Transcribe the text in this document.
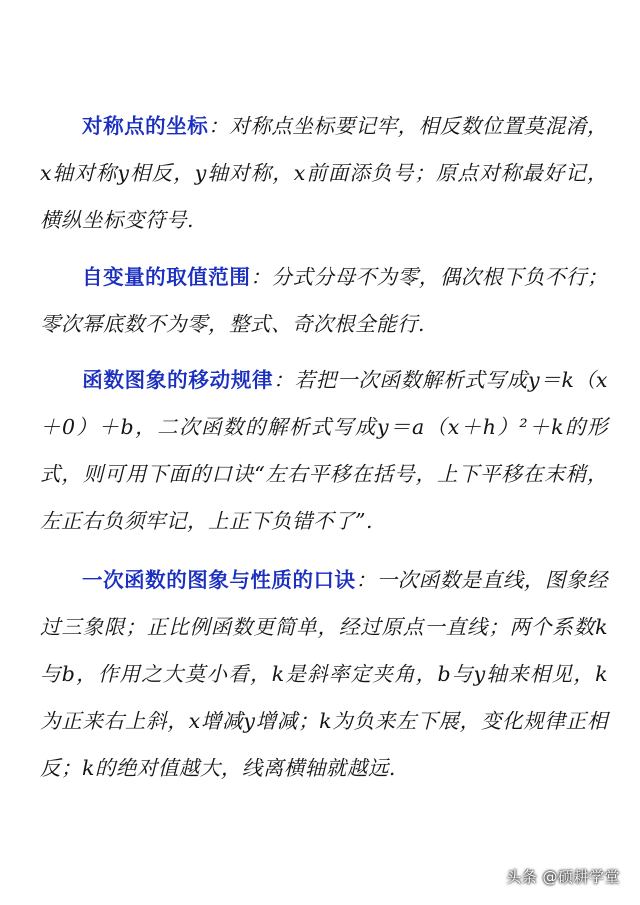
对称点的坐标：对称点坐标要记牢，相反数位置莫混淆，x轴对称y相反，y轴对称，x前面添负号；原点对称最好记，横纵坐标变符号.
自变量的取值范围：分式分母不为零，偶次根下负不行；零次幂底数不为零，整式、奇次根全能行.
函数图象的移动规律：若把一次函数解析式写成y＝k（x＋0）＋b，二次函数的解析式写成y＝a（x＋h）²＋k的形式，则可用下面的口诀“左右平移在括号，上下平移在末稍，左正右负须牢记，上正下负错不了”.
一次函数的图象与性质的口诀：一次函数是直线，图象经过三象限；正比例函数更简单，经过原点一直线；两个系数k与b，作用之大莫小看，k是斜率定夹角，b与y轴来相见，k为正来右上斜，x增减y增减；k为负来左下展，变化规律正相反；k的绝对值越大，线离横轴就越远.
头条 @硕耕学堂
